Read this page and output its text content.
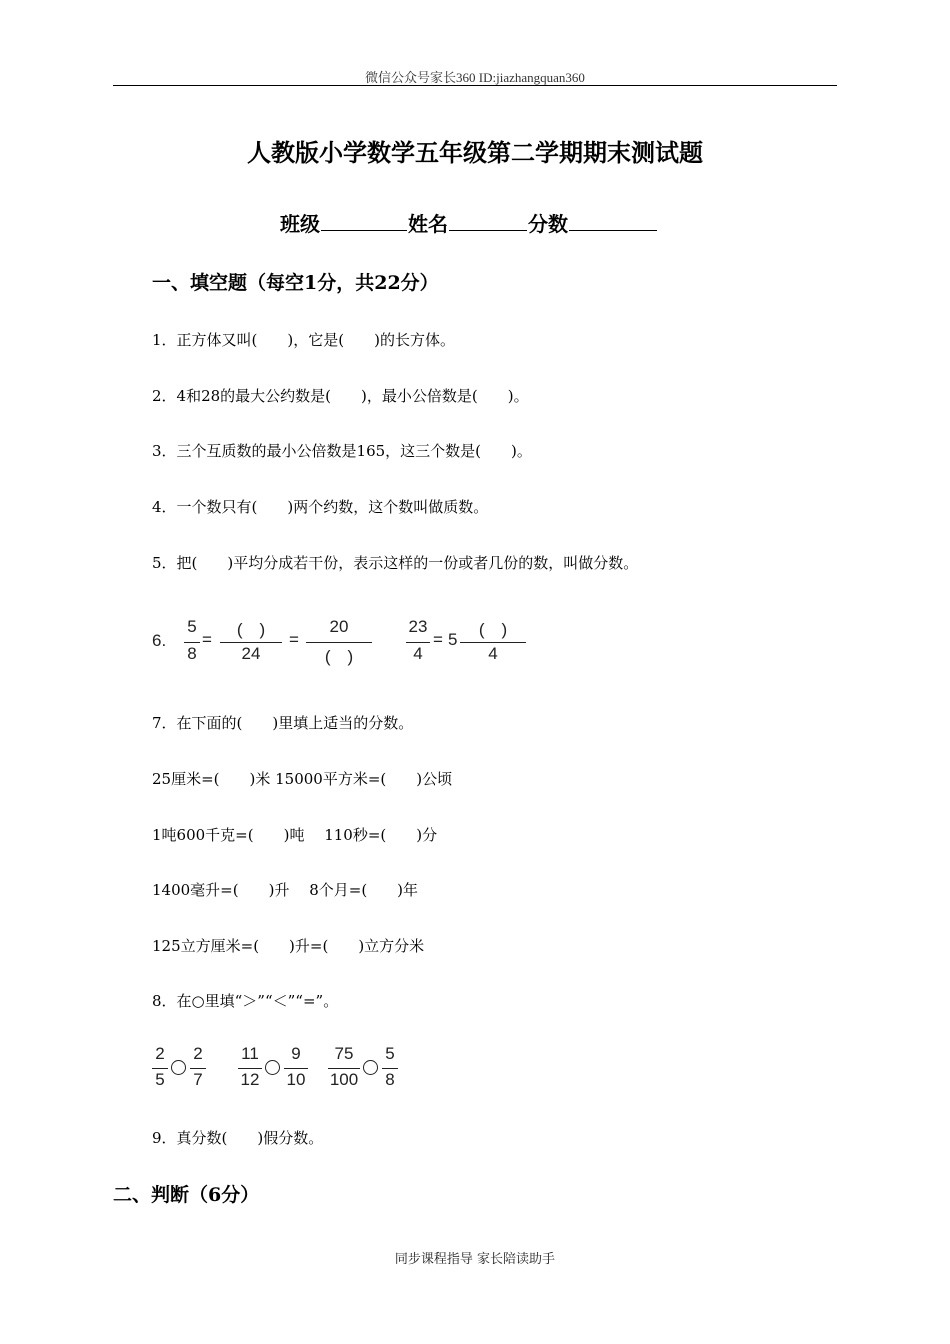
微信公众号家长360 ID:jiazhangquan360
人教版小学数学五年级第二学期期末测试题
班级	姓名	分数
一、填空题（每空1分，共22分）
1．正方体又叫(　　)，它是(　　)的长方体。
2．4和28的最大公约数是(　　)，最小公倍数是(　　)。
3．三个互质数的最小公倍数是165，这三个数是(　　)。
4．一个数只有(　　)两个约数，这个数叫做质数。
5．把(　　)平均分成若干份，表示这样的一份或者几份的数，叫做分数。
6.
5
8
=
(　)
24
=
20
(　)
23
4
= 5
(　)
4
7．在下面的(　　)里填上适当的分数。
25厘米=(　　)米 15000平方米=(　　)公顷
1吨600千克=(　　)吨　 110秒=(　　)分
1400毫升=(　　)升　 8个月=(　　)年
125立方厘米=(　　)升=(　　)立方分米
8．在○里填“＞”“＜”“=”。
2
5
2
7
11
12
9
10
75
100
5
8
9．真分数(　　)假分数。
二、判断（6分）
同步课程指导 家长陪读助手
